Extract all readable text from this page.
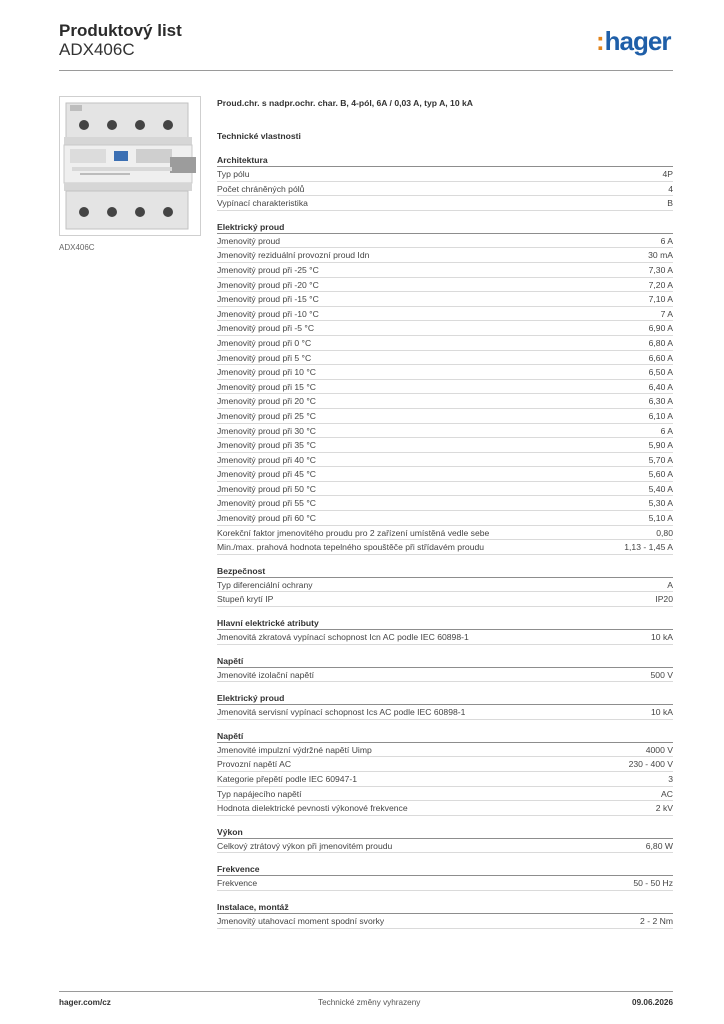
Produktový list
ADX406C	:hager
ADX406C
Proud.chr. s nadpr.ochr. char. B, 4-pól, 6A / 0,03 A, typ A, 10 kA
Technické vlastnosti
Architektura
Typ pólu	4P
Počet chráněných pólů	4
Vypínací charakteristika	B
Elektrický proud
Jmenovitý proud	6 A
Jmenovitý reziduální provozní proud Idn	30 mA
Jmenovitý proud při -25 °C	7,30 A
Jmenovitý proud při -20 °C	7,20 A
Jmenovitý proud při -15 °C	7,10 A
Jmenovitý proud při -10 °C	7 A
Jmenovitý proud při -5 °C	6,90 A
Jmenovitý proud při 0 °C	6,80 A
Jmenovitý proud při 5 °C	6,60 A
Jmenovitý proud při 10 °C	6,50 A
Jmenovitý proud při 15 °C	6,40 A
Jmenovitý proud při 20 °C	6,30 A
Jmenovitý proud při 25 °C	6,10 A
Jmenovitý proud při 30 °C	6 A
Jmenovitý proud při 35 °C	5,90 A
Jmenovitý proud při 40 °C	5,70 A
Jmenovitý proud při 45 °C	5,60 A
Jmenovitý proud při 50 °C	5,40 A
Jmenovitý proud při 55 °C	5,30 A
Jmenovitý proud při 60 °C	5,10 A
Korekční faktor jmenovitého proudu pro 2 zařízení umístěná vedle sebe	0,80
Min./max. prahová hodnota tepelného spouštěče při střídavém proudu	1,13 - 1,45 A
Bezpečnost
Typ diferenciální ochrany	A
Stupeň krytí IP	IP20
Hlavní elektrické atributy
Jmenovitá zkratová vypínací schopnost Icn AC podle IEC 60898-1	10 kA
Napětí
Jmenovité izolační napětí	500 V
Elektrický proud
Jmenovitá servisní vypínací schopnost Ics AC podle IEC 60898-1	10 kA
Napětí
Jmenovité impulzní výdržné napětí Uimp	4000 V
Provozní napětí AC	230 - 400 V
Kategorie přepětí podle IEC 60947-1	3
Typ napájecího napětí	AC
Hodnota dielektrické pevnosti výkonové frekvence	2 kV
Výkon
Celkový ztrátový výkon při jmenovitém proudu	6,80 W
Frekvence
Frekvence	50 - 50 Hz
Instalace, montáž
Jmenovitý utahovací moment spodní svorky	2 - 2 Nm
hager.com/cz	Technické změny vyhrazeny	09.06.2026
